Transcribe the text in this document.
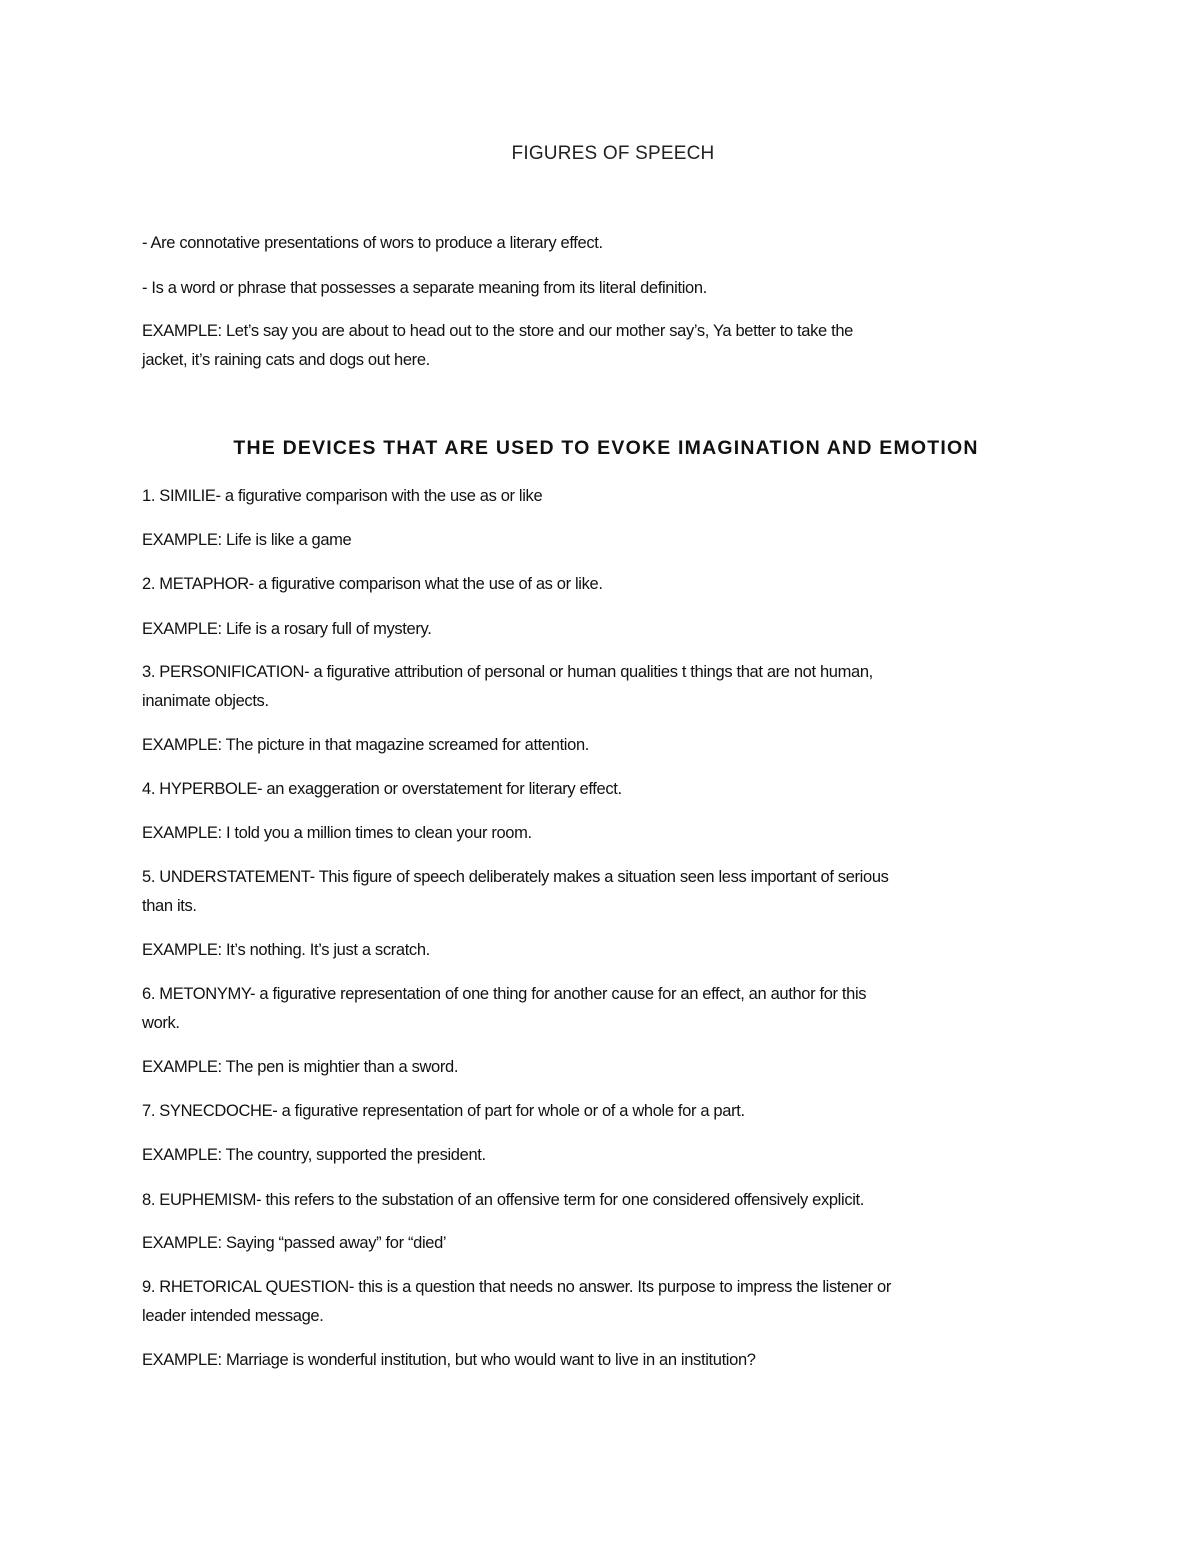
FIGURES OF SPEECH
- Are connotative presentations of wors to produce a literary effect.
- Is a word or phrase that possesses a separate meaning from its literal definition.
EXAMPLE: Let’s say you are about to head out to the store and our mother say’s, Ya better to take the
jacket, it’s raining cats and dogs out here.
THE DEVICES THAT ARE USED TO EVOKE IMAGINATION AND EMOTION
1. SIMILIE- a figurative comparison with the use as or like
EXAMPLE: Life is like a game
2. METAPHOR- a figurative comparison what the use of as or like.
EXAMPLE: Life is a rosary full of mystery.
3. PERSONIFICATION- a figurative attribution of personal or human qualities t things that are not human,
inanimate objects.
EXAMPLE: The picture in that magazine screamed for attention.
4. HYPERBOLE- an exaggeration or overstatement for literary effect.
EXAMPLE: I told you a million times to clean your room.
5. UNDERSTATEMENT- This figure of speech deliberately makes a situation seen less important of serious
than its.
EXAMPLE: It’s nothing. It’s just a scratch.
6. METONYMY- a figurative representation of one thing for another cause for an effect, an author for this
work.
EXAMPLE: The pen is mightier than a sword.
7. SYNECDOCHE- a figurative representation of part for whole or of a whole for a part.
EXAMPLE: The country, supported the president.
8. EUPHEMISM- this refers to the substation of an offensive term for one considered offensively explicit.
EXAMPLE: Saying “passed away” for “died’
9. RHETORICAL QUESTION- this is a question that needs no answer. Its purpose to impress the listener or
leader intended message.
EXAMPLE: Marriage is wonderful institution, but who would want to live in an institution?
